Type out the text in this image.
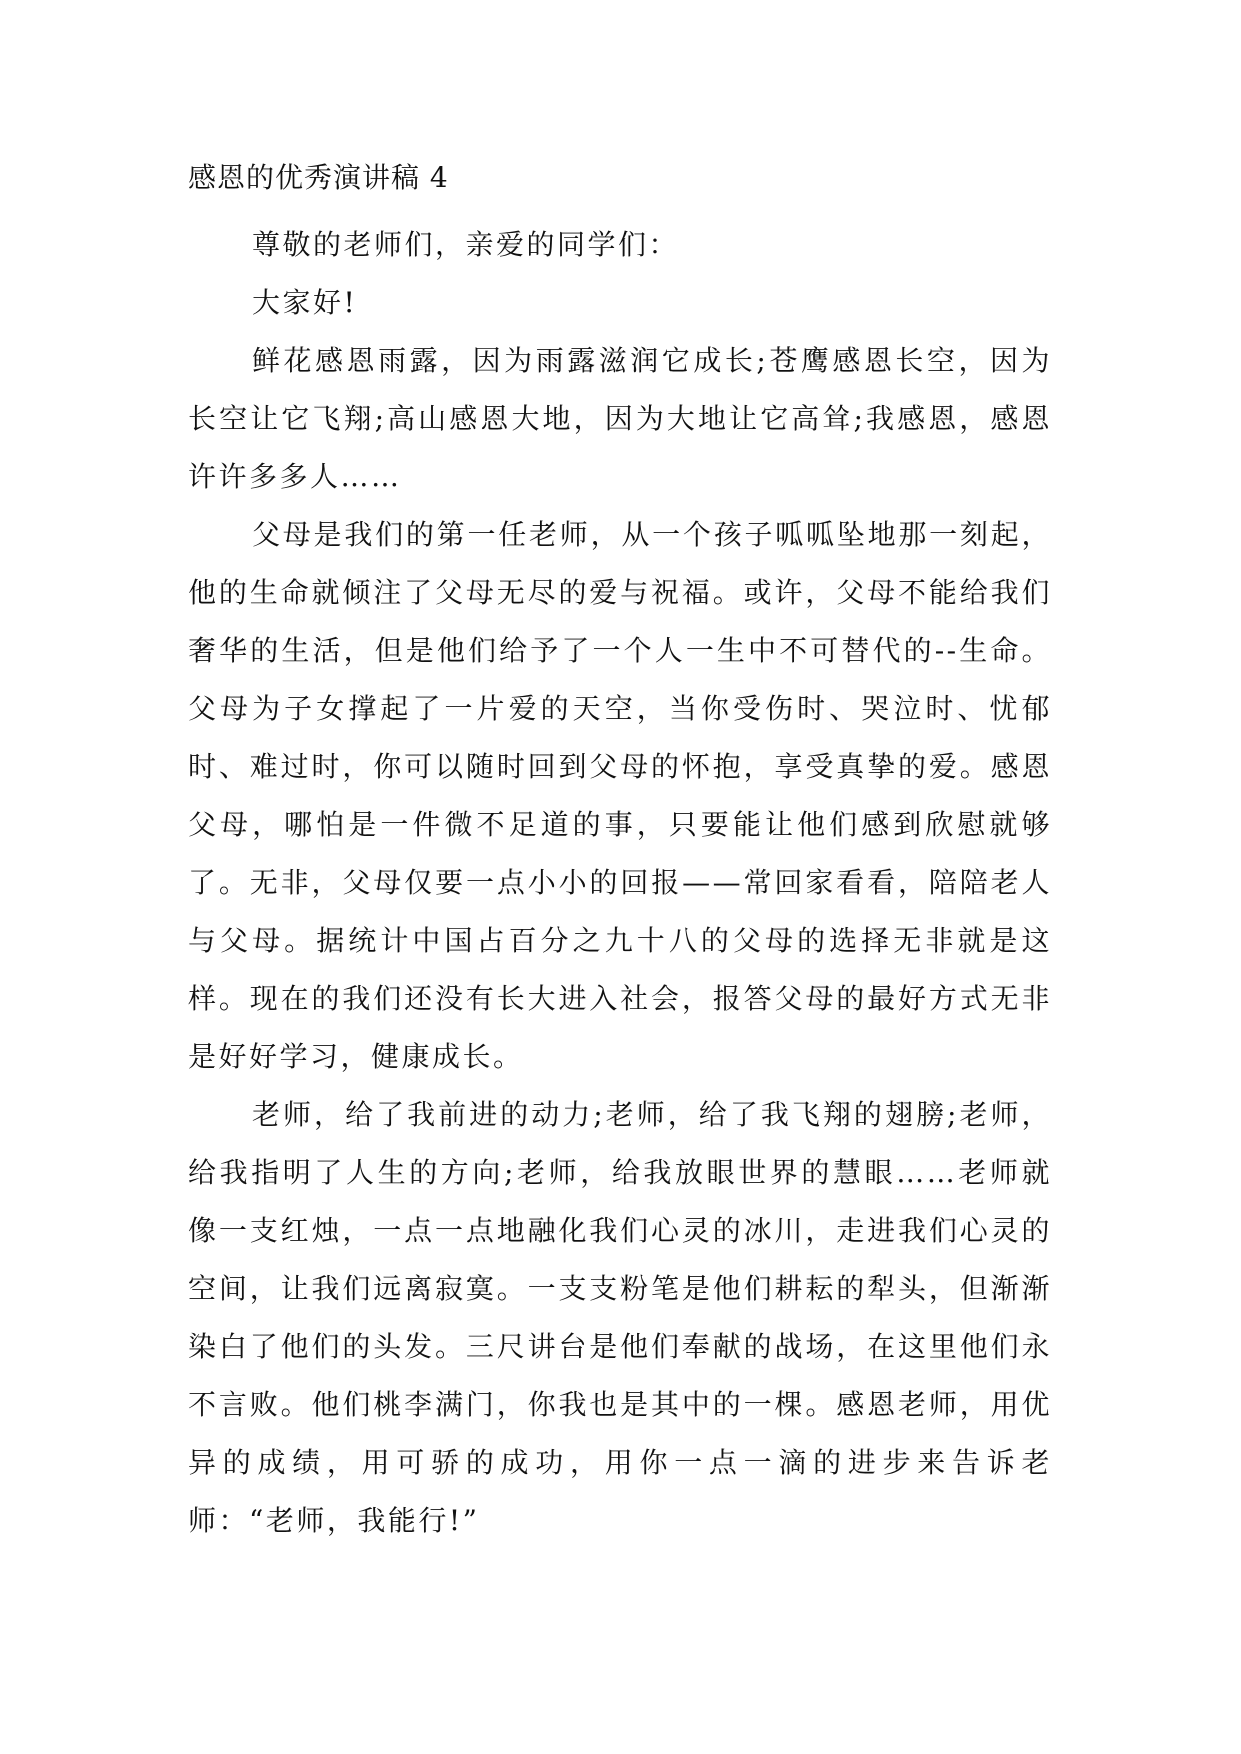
感恩的优秀演讲稿 4

尊敬的老师们，亲爱的同学们：

大家好!

鲜花感恩雨露，因为雨露滋润它成长;苍鹰感恩长空，因为长空让它飞翔;高山感恩大地，因为大地让它高耸;我感恩，感恩许许多多人……

父母是我们的第一任老师，从一个孩子呱呱坠地那一刻起，他的生命就倾注了父母无尽的爱与祝福。或许，父母不能给我们奢华的生活，但是他们给予了一个人一生中不可替代的--生命。父母为子女撑起了一片爱的天空，当你受伤时、哭泣时、忧郁时、难过时，你可以随时回到父母的怀抱，享受真挚的爱。感恩父母，哪怕是一件微不足道的事，只要能让他们感到欣慰就够了。无非，父母仅要一点小小的回报——常回家看看，陪陪老人与父母。据统计中国占百分之九十八的父母的选择无非就是这样。现在的我们还没有长大进入社会，报答父母的最好方式无非是好好学习，健康成长。

老师，给了我前进的动力;老师，给了我飞翔的翅膀;老师，给我指明了人生的方向;老师，给我放眼世界的慧眼……老师就像一支红烛，一点一点地融化我们心灵的冰川，走进我们心灵的空间，让我们远离寂寞。一支支粉笔是他们耕耘的犁头，但渐渐染白了他们的头发。三尺讲台是他们奉献的战场，在这里他们永不言败。他们桃李满门，你我也是其中的一棵。感恩老师，用优异的成绩，用可骄的成功，用你一点一滴的进步来告诉老师：“老师，我能行!”
